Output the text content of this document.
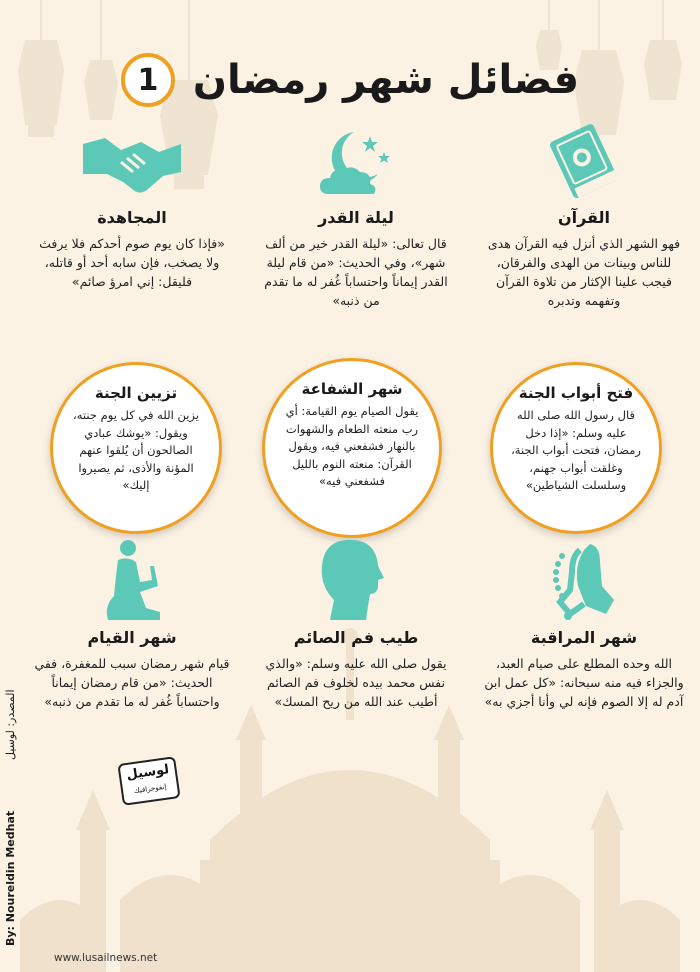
1 فضائل شهر رمضان
القرآن
فهو الشهر الذي أنزل فيه القرآن هدى للناس وبينات من الهدى والفرقان، فيجب علينا الإكثار من تلاوة القرآن وتفهمه وتدبره
ليلة القدر
قال تعالى: «ليلة القدر خير من ألف شهر»، وفي الحديث: «من قام ليلة القدر إيماناً واحتساباً غُفر له ما تقدم من ذنبه»
المجاهدة
«فإذا كان يوم صوم أحدكم فلا يرفث ولا يصخب، فإن سابه أحد أو قاتله، فليقل: إني امرؤ صائم»
فتح أبواب الجنة
قال رسول الله صلى الله عليه وسلم: «إذا دخل رمضان، فتحت أبواب الجنة، وغلقت أبواب جهنم، وسلسلت الشياطين»
شهر الشفاعة
يقول الصيام يوم القيامة: أي رب منعته الطعام والشهوات بالنهار فشفعني فيه، ويقول القرآن: منعته النوم بالليل فشفعني فيه»
تزيين الجنة
يزين الله في كل يوم جنته، ويقول: «يوشك عبادي الصالحون أن يُلقوا عنهم المؤنة والأذى، ثم يصيروا إليك»
شهر المراقبة
الله وحده المطلع على صيام العبد، والجزاء فيه منه سبحانه: «كل عمل ابن آدم له إلا الصوم فإنه لي وأنا أجزي به»
طيب فم الصائم
يقول صلى الله عليه وسلم: «والذي نفس محمد بيده لخلوف فم الصائم أطيب عند الله من ريح المسك»
شهر القيام
قيام شهر رمضان سبب للمغفرة، ففي الحديث: «من قام رمضان إيماناً واحتساباً غُفر له ما تقدم من ذنبه»
لوسيل
إنفوجرافيك
المصدر: لوسيل
By: Noureldin Medhat
www.lusailnews.net
